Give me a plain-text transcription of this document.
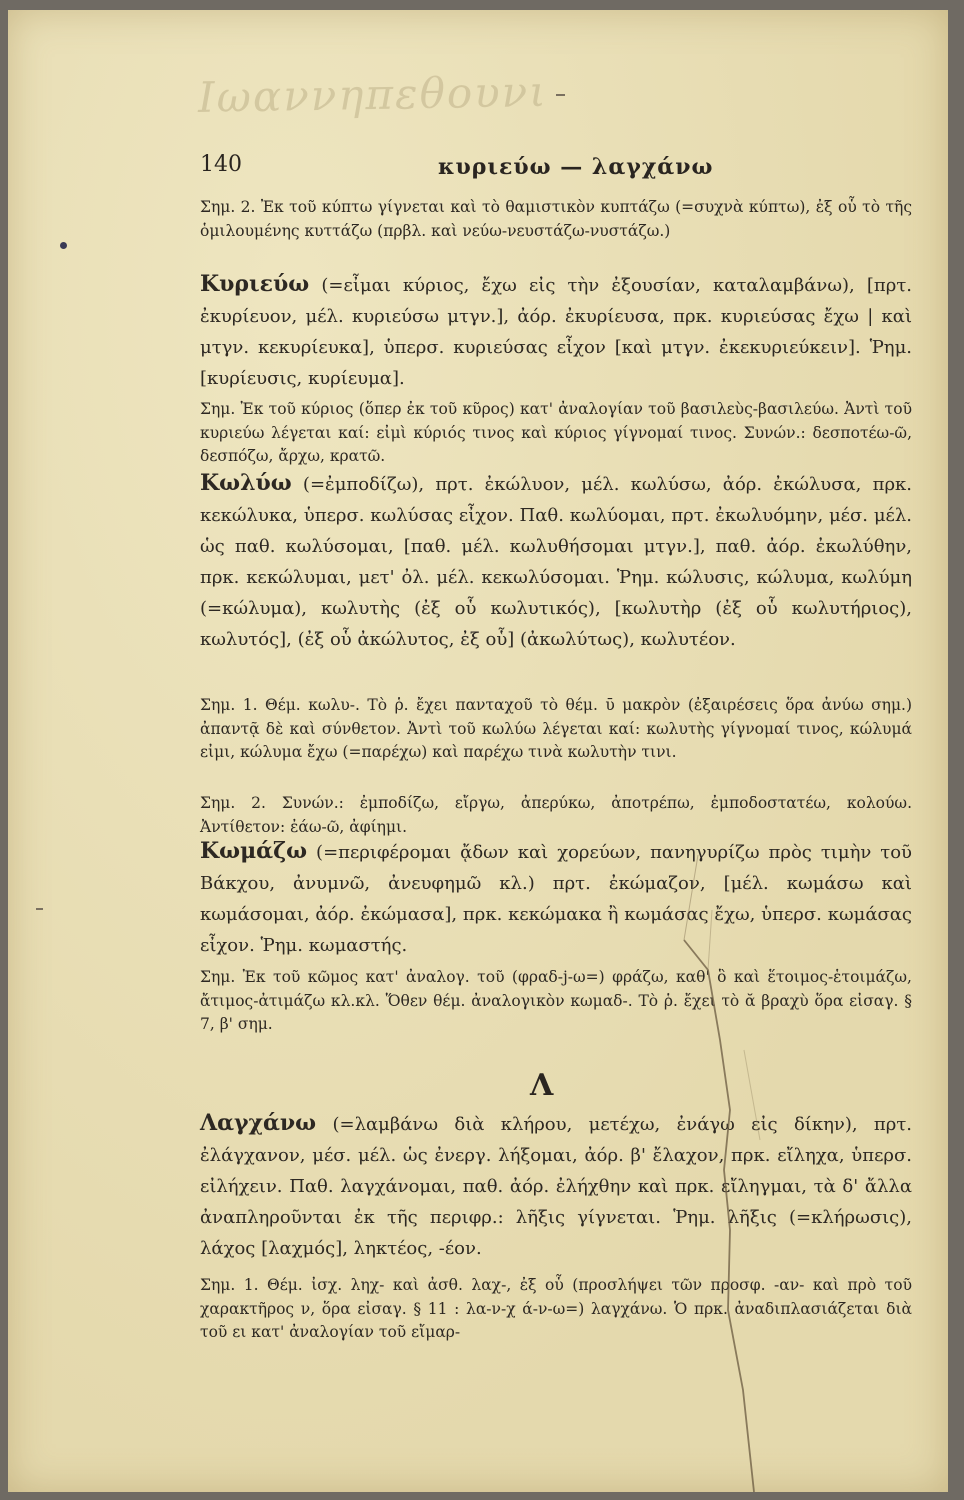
Ιωαννηπεθουνι
140	κυριεύω — λαγχάνω

Σημ. 2. Ἐκ τοῦ κύπτω γίγνεται καὶ τὸ θαμιστικὸν κυπτάζω (=συχνὰ κύπτω), ἐξ οὗ τὸ τῆς ὁμιλουμένης κυττάζω (πρβλ. καὶ νεύω-νευστάζω-νυστάζω.)

Κυριεύω (=εἶμαι κύριος, ἔχω εἰς τὴν ἐξουσίαν, καταλαμβάνω), [πρτ. ἐκυρίευον, μέλ. κυριεύσω μτγν.], ἀόρ. ἐκυρίευσα, πρκ. κυριεύσας ἔχω | καὶ μτγν. κεκυρίευκα], ὑπερσ. κυριεύσας εἶχον [καὶ μτγν. ἐκεκυριεύκειν]. Ῥημ. [κυρίευσις, κυρίευμα].

Σημ. Ἐκ τοῦ κύριος (ὅπερ ἐκ τοῦ κῦρος) κατ' ἀναλογίαν τοῦ βασιλεὺς-βασιλεύω. Ἀντὶ τοῦ κυριεύω λέγεται καί: εἰμὶ κύριός τινος καὶ κύριος γίγνομαί τινος. Συνών.: δεσποτέω-ῶ, δεσπόζω, ἄρχω, κρατῶ.

Κωλύω (=ἐμποδίζω), πρτ. ἐκώλυον, μέλ. κωλύσω, ἀόρ. ἐκώλυσα, πρκ. κεκώλυκα, ὑπερσ. κωλύσας εἶχον. Παθ. κωλύομαι, πρτ. ἐκωλυόμην, μέσ. μέλ. ὡς παθ. κωλύσομαι, [παθ. μέλ. κωλυθήσομαι μτγν.], παθ. ἀόρ. ἐκωλύθην, πρκ. κεκώλυμαι, μετ' ὀλ. μέλ. κεκωλύσομαι. Ῥημ. κώλυσις, κώλυμα, κωλύμη (=κώλυμα), κωλυτὴς (ἐξ οὗ κωλυτικός), [κωλυτὴρ (ἐξ οὗ κωλυτήριος), κωλυτός], (ἐξ οὗ ἀκώλυτος, ἐξ οὗ] (ἀκωλύτως), κωλυτέον.

Σημ. 1. Θέμ. κωλυ-. Τὸ ῥ. ἔχει πανταχοῦ τὸ θέμ. ῡ μακρὸν (ἐξαιρέσεις ὅρα ἀνύω σημ.) ἀπαντᾷ δὲ καὶ σύνθετον. Ἀντὶ τοῦ κωλύω λέγεται καί: κωλυτὴς γίγνομαί τινος, κώλυμά εἰμι, κώλυμα ἔχω (=παρέχω) καὶ παρέχω τινὰ κωλυτὴν τινι.

Σημ. 2. Συνών.: ἐμποδίζω, εἴργω, ἀπερύκω, ἀποτρέπω, ἐμποδοστατέω, κολούω. Ἀντίθετον: ἐάω-ῶ, ἀφίημι.

Κωμάζω (=περιφέρομαι ᾄδων καὶ χορεύων, πανηγυρίζω πρὸς τιμὴν τοῦ Βάκχου, ἀνυμνῶ, ἀνευφημῶ κλ.) πρτ. ἐκώμαζον, [μέλ. κωμάσω καὶ κωμάσομαι, ἀόρ. ἐκώμασα], πρκ. κεκώμακα ἢ κωμάσας ἔχω, ὑπερσ. κωμάσας εἶχον. Ῥημ. κωμαστής.

Σημ. Ἐκ τοῦ κῶμος κατ' ἀναλογ. τοῦ (φραδ-j-ω=) φράζω, καθ' ὃ καὶ ἕτοιμος-ἑτοιμάζω, ἄτιμος-ἀτιμάζω κλ.κλ. Ὅθεν θέμ. ἀναλογικὸν κωμαδ-. Τὸ ῥ. ἔχει τὸ ᾰ βραχὺ ὅρα εἰσαγ. § 7, β' σημ.

Λ

Λαγχάνω (=λαμβάνω διὰ κλήρου, μετέχω, ἐνάγω εἰς δίκην), πρτ. ἐλάγχανον, μέσ. μέλ. ὡς ἐνεργ. λήξομαι, ἀόρ. β' ἔλαχον, πρκ. εἴληχα, ὑπερσ. εἰλήχειν. Παθ. λαγχάνομαι, παθ. ἀόρ. ἐλήχθην καὶ πρκ. εἴληγμαι, τὰ δ' ἄλλα ἀναπληροῦνται ἐκ τῆς περιφρ.: λῆξις γίγνεται. Ῥημ. λῆξις (=κλήρωσις), λάχος [λαχμός], ληκτέος, -έον.

Σημ. 1. Θέμ. ἰσχ. ληχ- καὶ ἀσθ. λαχ-, ἐξ οὗ (προσλήψει τῶν προσφ. -αν- καὶ πρὸ τοῦ χαρακτῆρος ν, ὅρα εἰσαγ. § 11 : λα-ν-χ ά-ν-ω=) λαγχάνω. Ὁ πρκ. ἀναδιπλασιάζεται διὰ τοῦ ει κατ' ἀναλογίαν τοῦ εἴμαρ-
